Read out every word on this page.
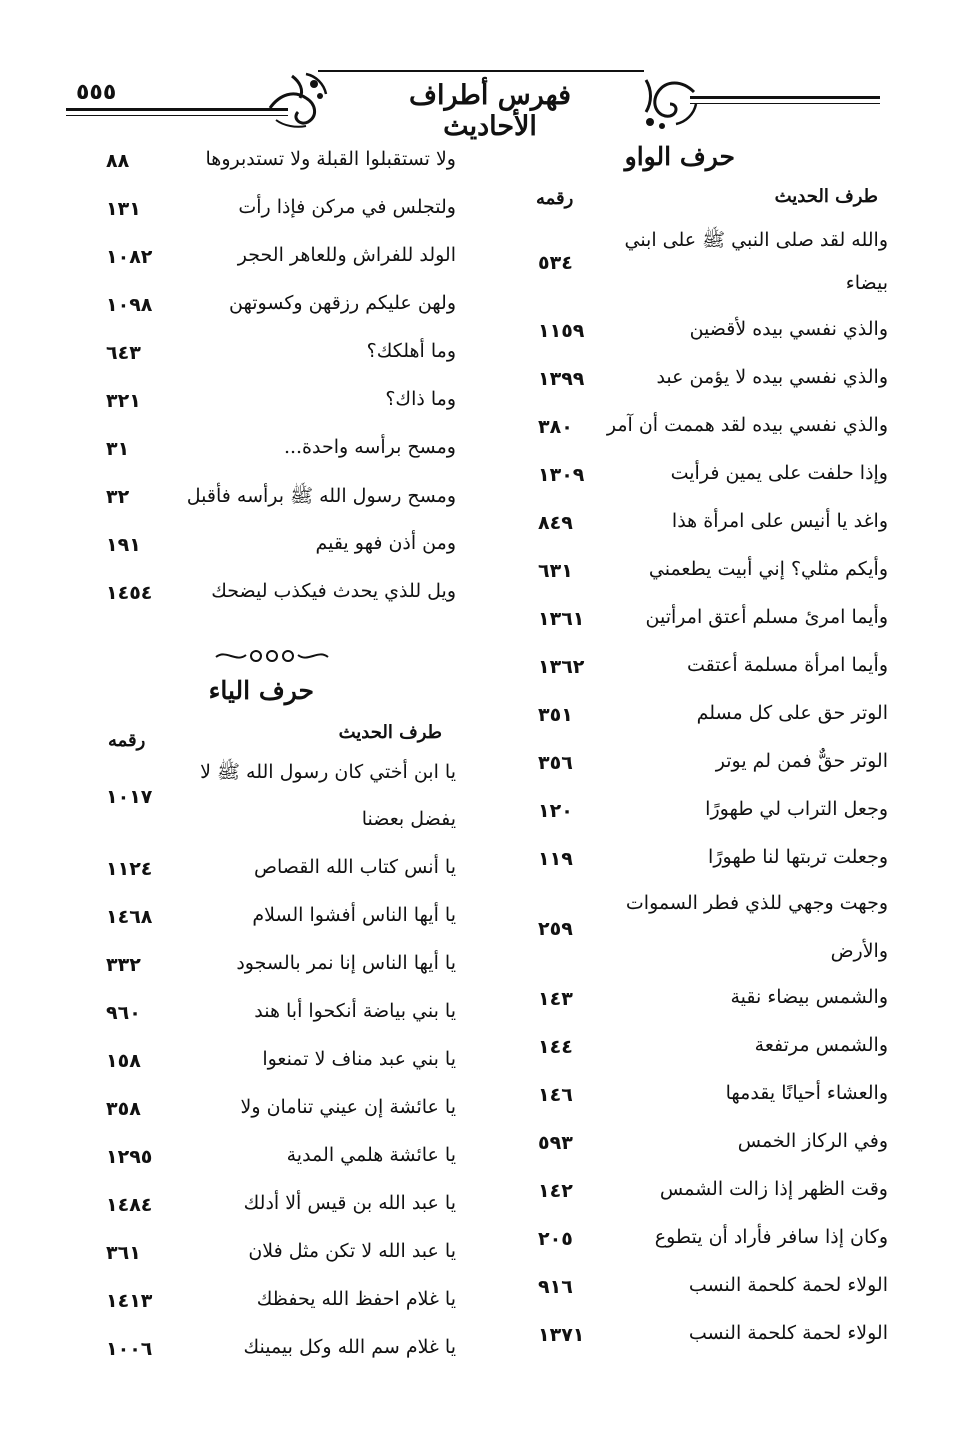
فهرس أطراف الأحاديث
٥٥٥
حرف الواو
طرف الحديث
رقمه
والله لقد صلى النبي ﷺ على ابني
بيضاء
٥٣٤
والذي نفسي بيده لأقضين
١١٥٩
والذي نفسي بيده لا يؤمن عبد
١٣٩٩
والذي نفسي بيده لقد هممت أن آمر
٣٨٠
وإذا حلفت على يمين فرأيت
١٣٠٩
واغد يا أنيس على امرأة هذا
٨٤٩
وأيكم مثلي؟ إني أبيت يطعمني
٦٣١
وأيما امرئ مسلم أعتق امرأتين
١٣٦١
وأيما امرأة مسلمة أعتقت
١٣٦٢
الوتر حق على كل مسلم
٣٥١
الوتر حقٌّ فمن لم يوتر
٣٥٦
وجعل التراب لي طهورًا
١٢٠
وجعلت تربتها لنا طهورًا
١١٩
وجهت وجهي للذي فطر السموات
والأرض
٢٥٩
والشمس بيضاء نقية
١٤٣
والشمس مرتفعة
١٤٤
والعشاء أحيانًا يقدمها
١٤٦
وفي الركاز الخمس
٥٩٣
وقت الظهر إذا زالت الشمس
١٤٢
وكان إذا سافر فأراد أن يتطوع
٢٠٥
الولاء لحمة كلحمة النسب
٩١٦
الولاء لحمة كلحمة النسب
١٣٧١
ولا تستقبلوا القبلة ولا تستدبروها
٨٨
ولتجلس في مركن فإذا رأت
١٣١
الولد للفراش وللعاهر الحجر
١٠٨٢
ولهن عليكم رزقهن وكسوتهن
١٠٩٨
وما أهلكك؟
٦٤٣
وما ذاك؟
٣٢١
ومسح برأسه واحدة...
٣١
ومسح رسول الله ﷺ برأسه فأقبل
٣٢
ومن أذن فهو يقيم
١٩١
ويل للذي يحدث فيكذب ليضحك
١٤٥٤
حرف الياء
طرف الحديث
رقمه
يا ابن أختي كان رسول الله ﷺ لا
يفضل بعضنا
١٠١٧
يا أنس كتاب الله القصاص
١١٢٤
يا أيها الناس أفشوا السلام
١٤٦٨
يا أيها الناس إنا نمر بالسجود
٣٣٢
يا بني بياضة أنكحوا أبا هند
٩٦٠
يا بني عبد مناف لا تمنعوا
١٥٨
يا عائشة إن عيني تنامان ولا
٣٥٨
يا عائشة هلمي المدية
١٢٩٥
يا عبد الله بن قيس ألا أدلك
١٤٨٤
يا عبد الله لا تكن مثل فلان
٣٦١
يا غلام احفظ الله يحفظك
١٤١٣
يا غلام سم الله وكل بيمينك
١٠٠٦
